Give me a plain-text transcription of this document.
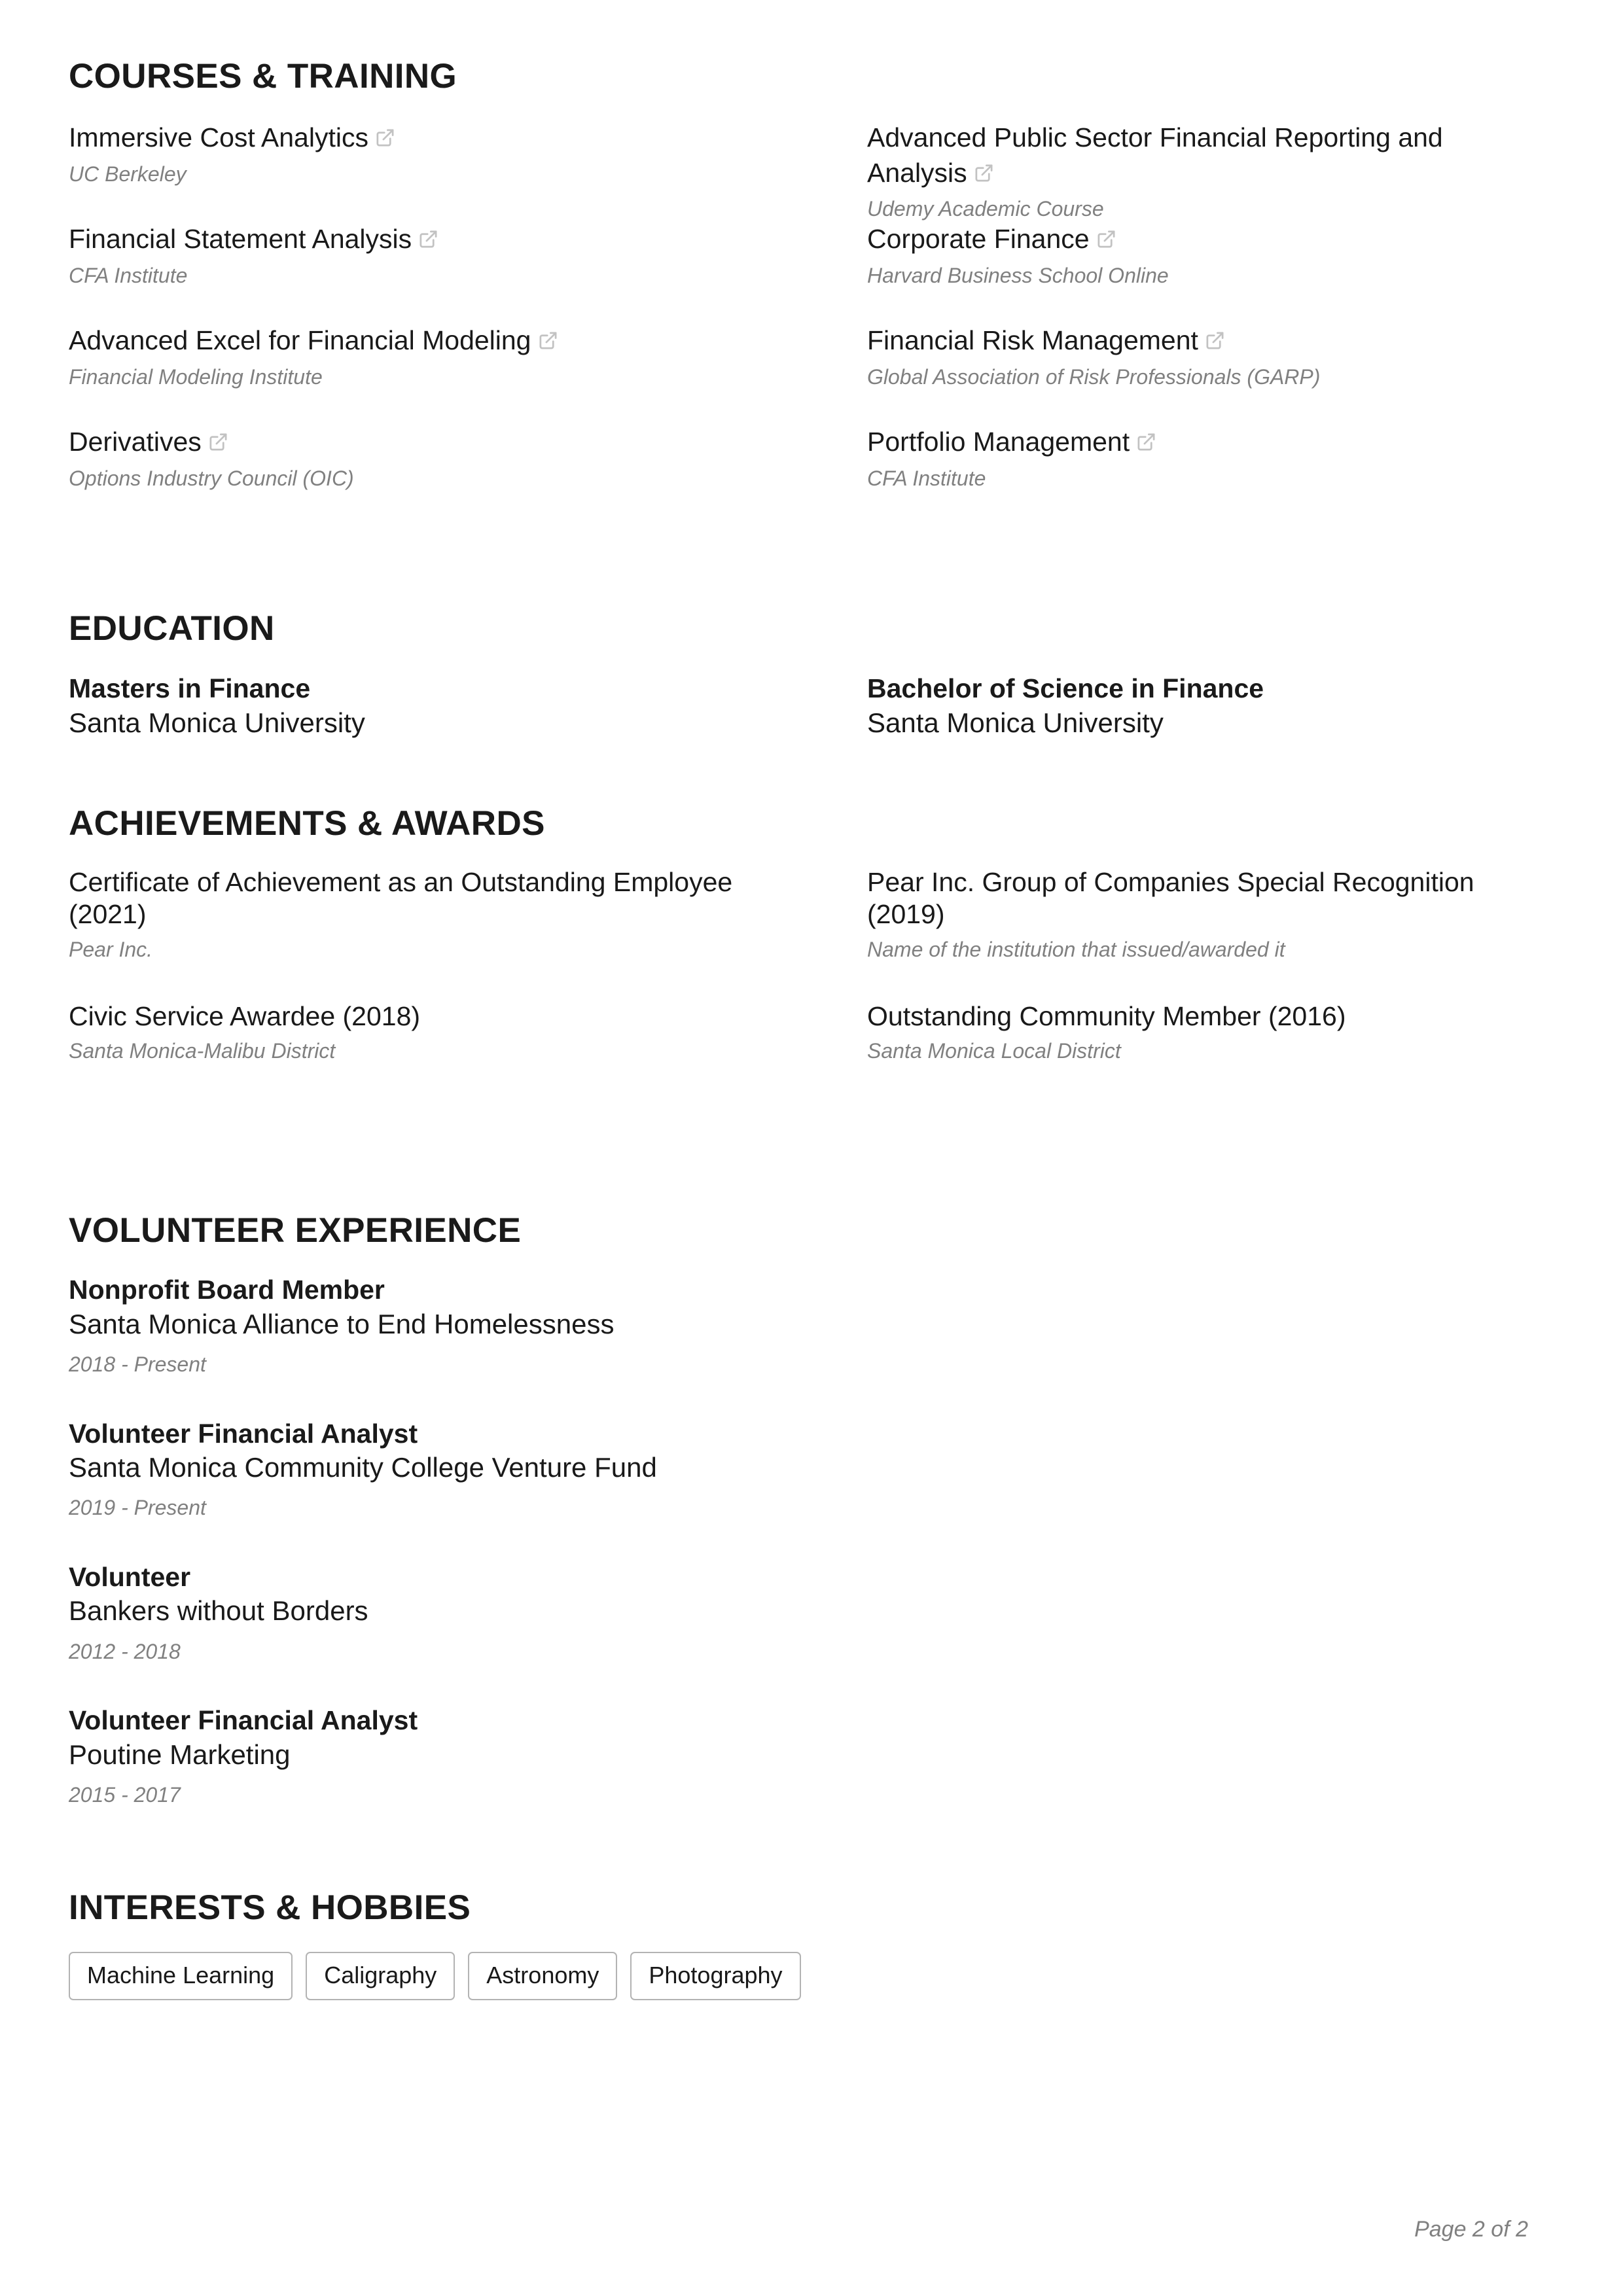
COURSES & TRAINING
Immersive Cost Analytics
UC Berkeley
Advanced Public Sector Financial Reporting and Analysis
Udemy Academic Course
Financial Statement Analysis
CFA Institute
Corporate Finance
Harvard Business School Online
Advanced Excel for Financial Modeling
Financial Modeling Institute
Financial Risk Management
Global Association of Risk Professionals (GARP)
Derivatives
Options Industry Council (OIC)
Portfolio Management
CFA Institute
EDUCATION
Masters in Finance
Santa Monica University
Bachelor of Science in Finance
Santa Monica University
ACHIEVEMENTS & AWARDS
Certificate of Achievement as an Outstanding Employee (2021)
Pear Inc.
Pear Inc. Group of Companies Special Recognition  (2019)
Name of the institution that issued/awarded it
Civic Service Awardee (2018)
Santa Monica-Malibu District
Outstanding Community Member (2016)
Santa Monica Local District
VOLUNTEER EXPERIENCE
Nonprofit Board Member
Santa Monica Alliance to End Homelessness
2018 - Present
Volunteer Financial Analyst
Santa Monica Community College Venture Fund
2019 - Present
Volunteer
Bankers without Borders
2012 - 2018
Volunteer Financial Analyst
Poutine Marketing
2015 - 2017
INTERESTS & HOBBIES
Machine Learning	Caligraphy	Astronomy	Photography
Page 2 of 2
